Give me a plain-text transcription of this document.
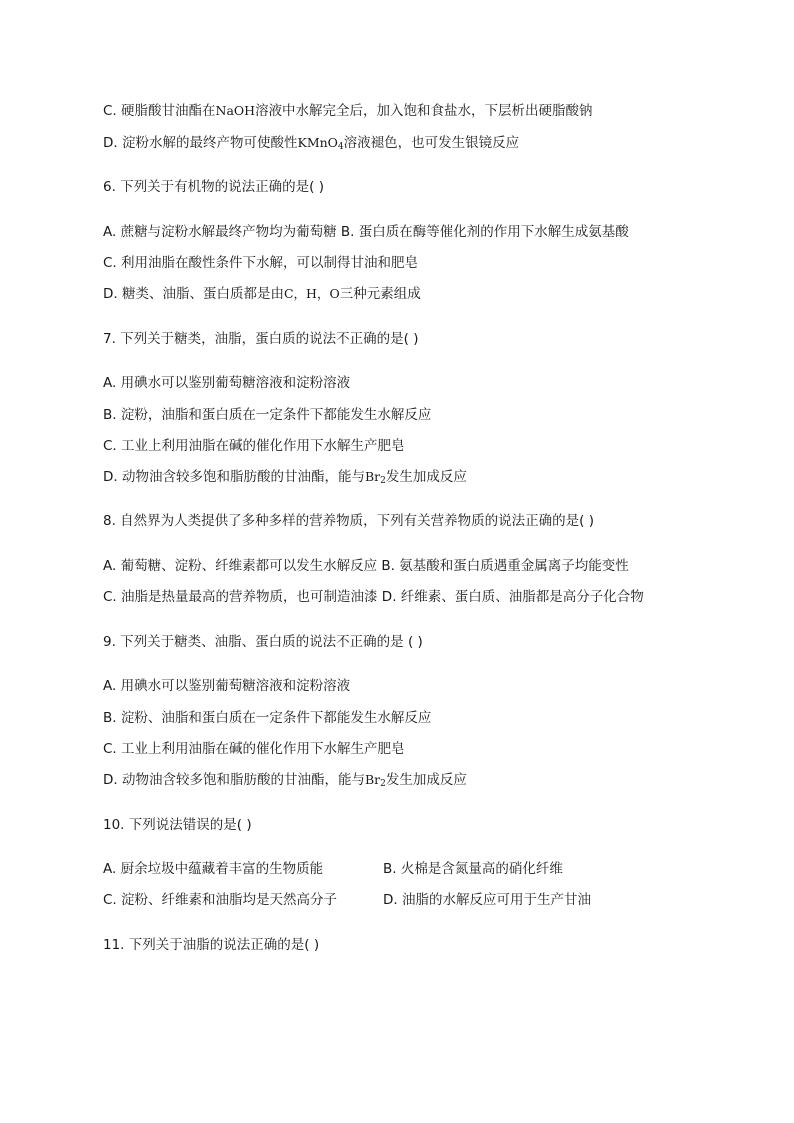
C. 硬脂酸甘油酯在NaOH溶液中水解完全后，加入饱和食盐水，下层析出硬脂酸钠
D. 淀粉水解的最终产物可使酸性KMnO$_4$溶液褪色，也可发生银镜反应
6. 下列关于有机物的说法正确的是( )
A. 蔗糖与淀粉水解最终产物均为葡萄糖 B. 蛋白质在酶等催化剂的作用下水解生成氨基酸
C. 利用油脂在酸性条件下水解，可以制得甘油和肥皂
D. 糖类、油脂、蛋白质都是由C，H，O三种元素组成
7. 下列关于糖类，油脂，蛋白质的说法不正确的是( )
A. 用碘水可以鉴别葡萄糖溶液和淀粉溶液
B. 淀粉，油脂和蛋白质在一定条件下都能发生水解反应
C. 工业上利用油脂在碱的催化作用下水解生产肥皂
D. 动物油含较多饱和脂肪酸的甘油酯，能与$Br_2$发生加成反应
8. 自然界为人类提供了多种多样的营养物质，下列有关营养物质的说法正确的是( )
A. 葡萄糖、淀粉、纤维素都可以发生水解反应 B. 氨基酸和蛋白质遇重金属离子均能变性
C. 油脂是热量最高的营养物质，也可制造油漆 D. 纤维素、蛋白质、油脂都是高分子化合物
9. 下列关于糖类、油脂、蛋白质的说法不正确的是 ( )
A. 用碘水可以鉴别葡萄糖溶液和淀粉溶液
B. 淀粉、油脂和蛋白质在一定条件下都能发生水解反应
C. 工业上利用油脂在碱的催化作用下水解生产肥皂
D. 动物油含较多饱和脂肪酸的甘油酯，能与$Br_2$发生加成反应
10. 下列说法错误的是( )
A. 厨余垃圾中蕴藏着丰富的生物质能	B. 火棉是含氮量高的硝化纤维
C. 淀粉、纤维素和油脂均是天然高分子	D. 油脂的水解反应可用于生产甘油
11. 下列关于油脂的说法正确的是( )
